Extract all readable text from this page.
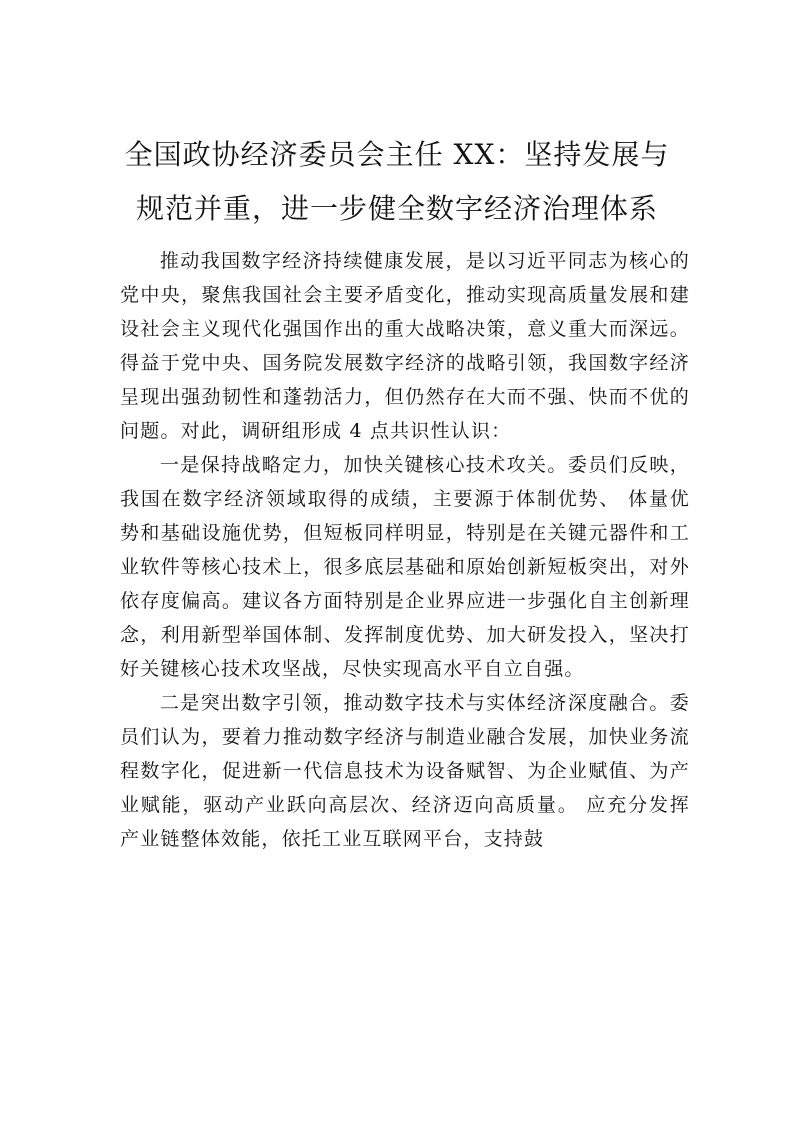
全国政协经济委员会主任 XX：坚持发展与
规范并重，进一步健全数字经济治理体系

推动我国数字经济持续健康发展，是以习近平同志为核心的党中央，聚焦我国社会主要矛盾变化，推动实现高质量发展和建设社会主义现代化强国作出的重大战略决策，意义重大而深远。得益于党中央、国务院发展数字经济的战略引领，我国数字经济呈现出强劲韧性和蓬勃活力，但仍然存在大而不强、快而不优的问题。对此，调研组形成 4 点共识性认识：

一是保持战略定力，加快关键核心技术攻关。委员们反映，我国在数字经济领域取得的成绩，主要源于体制优势、 体量优势和基础设施优势，但短板同样明显，特别是在关键元器件和工业软件等核心技术上，很多底层基础和原始创新短板突出，对外依存度偏高。建议各方面特别是企业界应进一步强化自主创新理念，利用新型举国体制、发挥制度优势、加大研发投入，坚决打好关键核心技术攻坚战，尽快实现高水平自立自强。

二是突出数字引领，推动数字技术与实体经济深度融合。委员们认为，要着力推动数字经济与制造业融合发展，加快业务流程数字化，促进新一代信息技术为设备赋智、为企业赋值、为产业赋能，驱动产业跃向高层次、经济迈向高质量。 应充分发挥产业链整体效能，依托工业互联网平台，支持鼓
